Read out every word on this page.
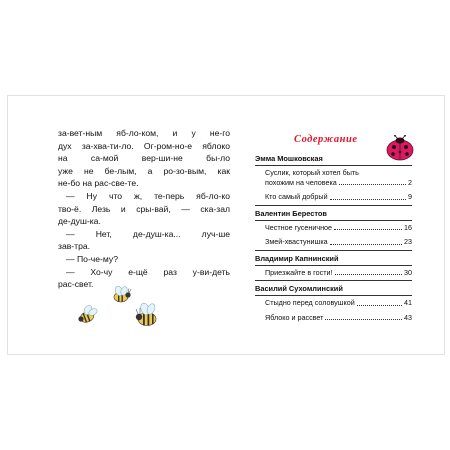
за-вет-ным яб-ло-ком, и у не-го
дух за-хва-ти-ло. Ог-ром-но-е яблоко
на са-мой вер-ши-не бы-ло
уже не бе-лым, а ро-зо-вым, как
не-бо на рас-све-те.
— Ну что ж, те-перь яб-ло-ко
тво-ё. Лезь и сры-вай, — ска-зал
де-душ-ка.
— Нет, де-душ-ка... луч-ше
зав-тра.
— По-че-му?
— Хо-чу е-щё раз у-ви-деть
рас-свет.
Содержание
Эмма Мошковская
Суслик, который хотел быть
похожим на человека	2
Кто самый добрый	9
Валентин Берестов
Честное гусеничное	16
Змей-хвастунишка	23
Владимир Капнинский
Приезжайте в гости!	30
Василий Сухомлинский
Стыдно перед соловушкой	41
Яблоко и рассвет	43
